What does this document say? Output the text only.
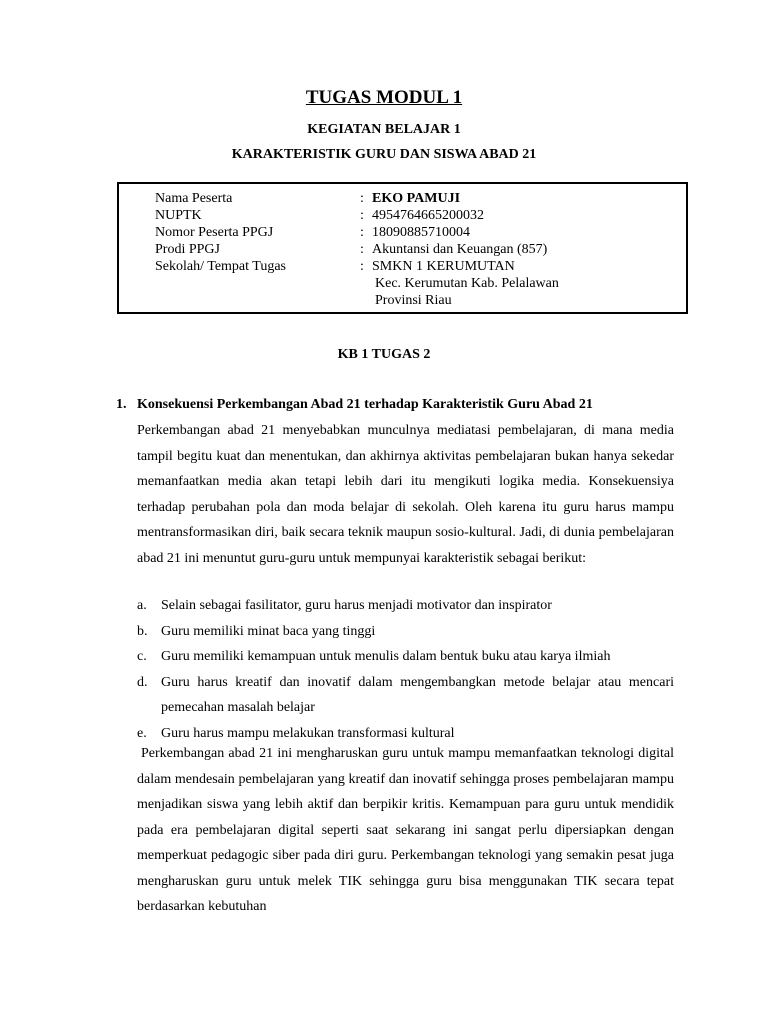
TUGAS MODUL 1
KEGIATAN BELAJAR 1
KARAKTERISTIK GURU DAN SISWA ABAD 21
Nama Peserta	: EKO PAMUJI
NUPTK	: 4954764665200032
Nomor Peserta PPGJ	: 18090885710004
Prodi PPGJ	: Akuntansi dan Keuangan (857)
Sekolah/ Tempat Tugas	: SMKN 1 KERUMUTAN
Kec. Kerumutan Kab. Pelalawan
Provinsi Riau
KB 1 TUGAS 2
1. Konsekuensi Perkembangan Abad 21 terhadap Karakteristik Guru Abad 21
Perkembangan abad 21 menyebabkan munculnya mediatasi pembelajaran, di mana media tampil begitu kuat dan menentukan, dan akhirnya aktivitas pembelajaran bukan hanya sekedar memanfaatkan media akan tetapi lebih dari itu mengikuti logika media. Konsekuensiya terhadap perubahan pola dan moda belajar di sekolah. Oleh karena itu guru harus mampu mentransformasikan diri, baik secara teknik maupun sosio-kultural. Jadi, di dunia pembelajaran abad 21 ini menuntut guru-guru untuk mempunyai karakteristik sebagai berikut:
a. Selain sebagai fasilitator, guru harus menjadi motivator dan inspirator
b. Guru memiliki minat baca yang tinggi
c. Guru memiliki kemampuan untuk menulis dalam bentuk buku atau karya ilmiah
d. Guru harus kreatif dan inovatif dalam mengembangkan metode belajar atau mencari pemecahan masalah belajar
e. Guru harus mampu melakukan transformasi kultural
Perkembangan abad 21 ini mengharuskan guru untuk mampu memanfaatkan teknologi digital dalam mendesain pembelajaran yang kreatif dan inovatif sehingga proses pembelajaran mampu menjadikan siswa yang lebih aktif dan berpikir kritis. Kemampuan para guru untuk mendidik pada era pembelajaran digital seperti saat sekarang ini sangat perlu dipersiapkan dengan memperkuat pedagogic siber pada diri guru. Perkembangan teknologi yang semakin pesat juga mengharuskan guru untuk melek TIK sehingga guru bisa menggunakan TIK secara tepat berdasarkan kebutuhan
